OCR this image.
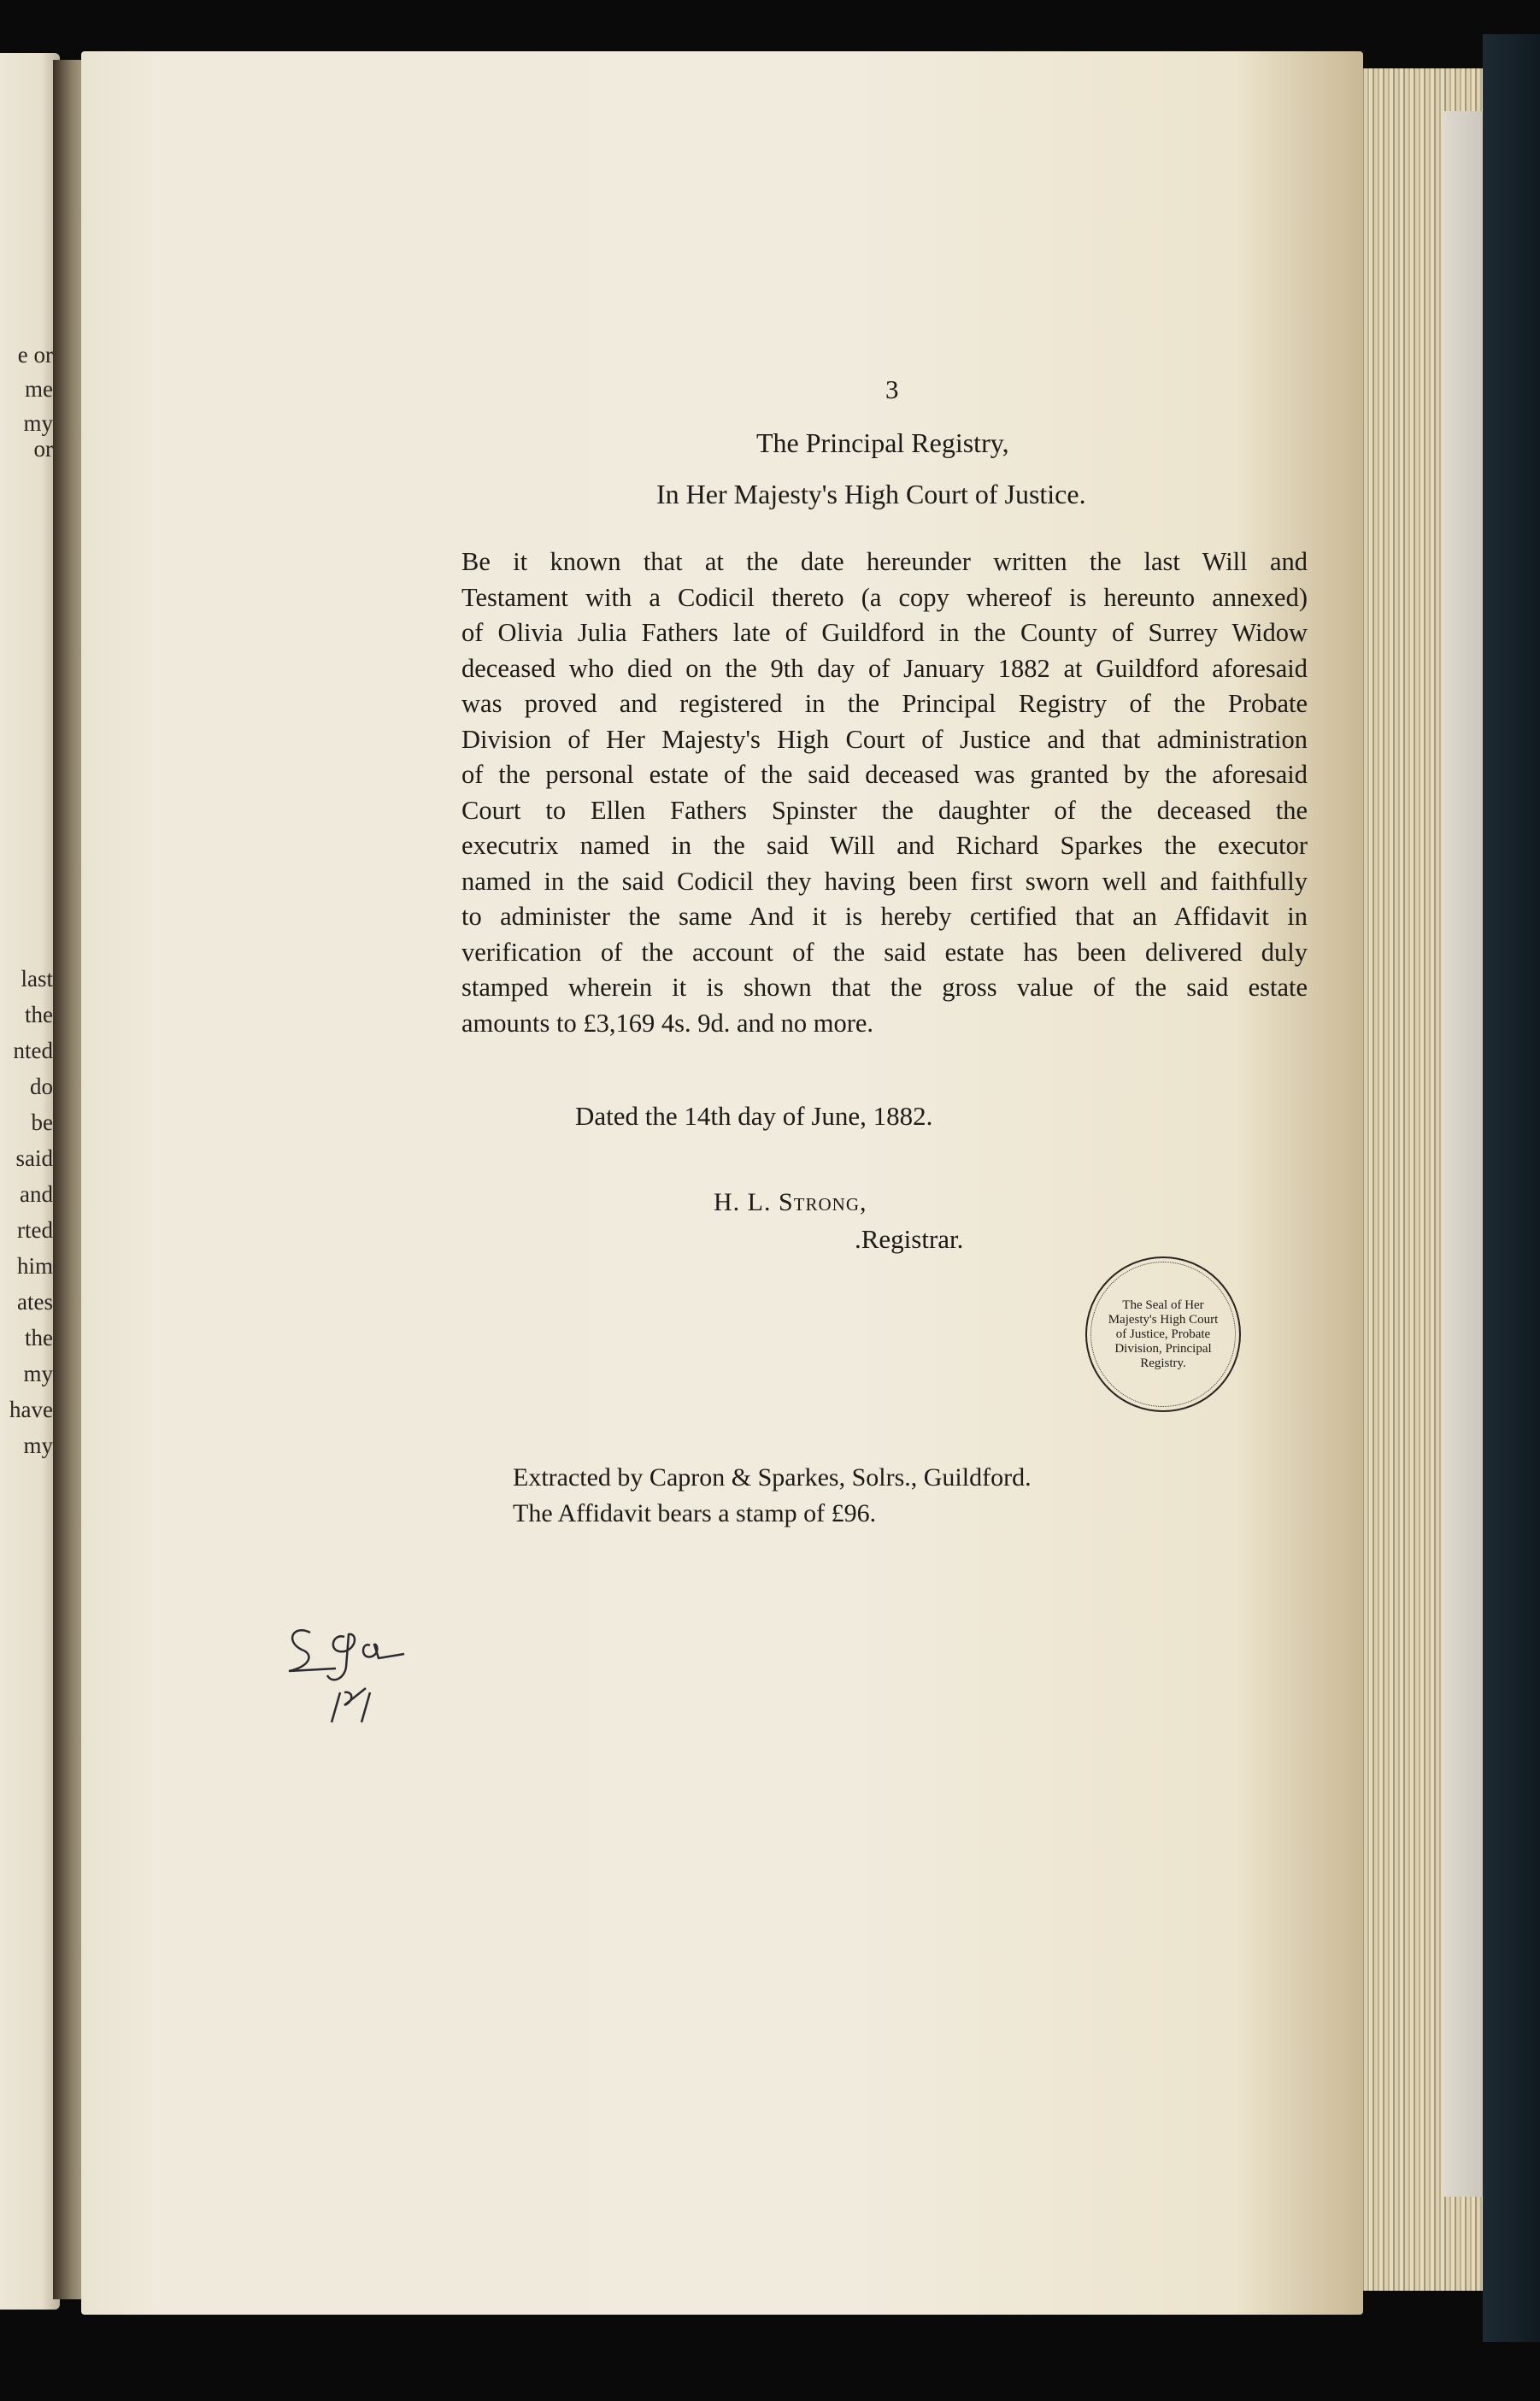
e or
me
my
or
last
the
nted
do
be
said
and
rted
him
ates
the
my
have
my
3
The Principal Registry,
In Her Majesty's High Court of Justice.
Be it known that at the date hereunder written the last Will and
Testament with a Codicil thereto (a copy whereof is hereunto annexed)
of Olivia Julia Fathers late of Guildford in the County of Surrey Widow
deceased who died on the 9th day of January 1882 at Guildford aforesaid
was proved and registered in the Principal Registry of the Probate
Division of Her Majesty's High Court of Justice and that administration
of the personal estate of the said deceased was granted by the aforesaid
Court to Ellen Fathers Spinster the daughter of the deceased the
executrix named in the said Will and Richard Sparkes the executor
named in the said Codicil they having been first sworn well and faithfully
to administer the same And it is hereby certified that an Affidavit in
verification of the account of the said estate has been delivered duly
stamped wherein it is shown that the gross value of the said estate
amounts to £3,169 4s. 9d. and no more.
Dated the 14th day of June, 1882.
H. L. Strong,
.Registrar.
The Seal of Her Majesty's High Court of Justice, Probate Division, Principal Registry.
Extracted by Capron & Sparkes, Solrs., Guildford.
The Affidavit bears a stamp of £96.
